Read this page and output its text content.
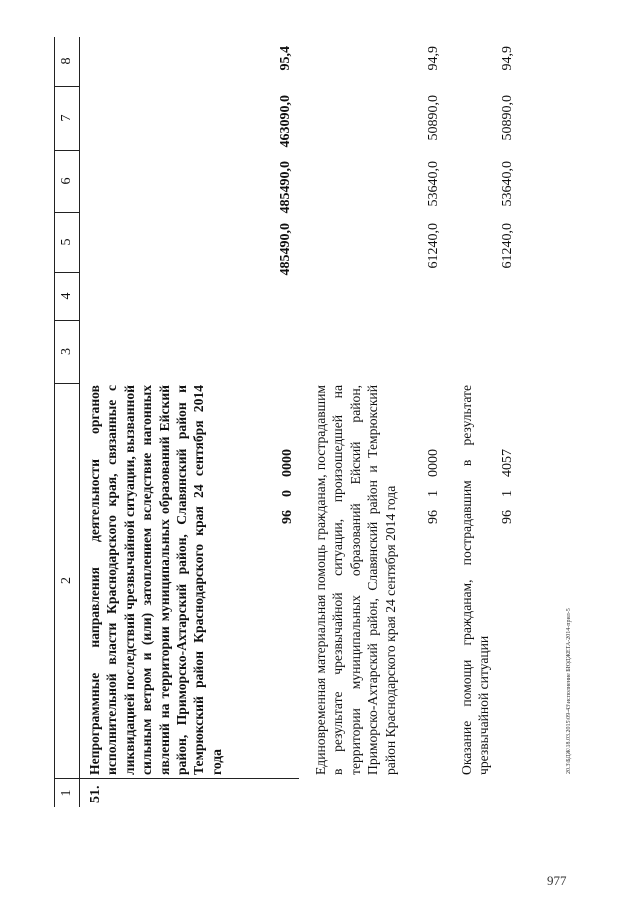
1
2
3
4
5
6
7
8
51.
Непрограммные направления деятельности органов исполнительной власти Краснодарского края, связанные с ликвидацией последствий чрезвычайной ситуации, вызванной сильным ветром и (или) затоплением вследствие нагонных явлений на территории муниципальных образований Ейский район, Приморско-Ахтарский район, Славянский район и Темрюкский район Краснодарского края 24 сентября 2014 года
96
0
0000
485490,0
485490,0
463090,0
95,4
Единовременная материальная помощь гражданам, пострадавшим в результате чрезвычайной ситуации, произошедшей на территории муниципальных образований Ейский район, Приморско-Ахтарский район, Славянский район и Темрюкский район Краснодарского края 24 сентября 2014 года 96
1
0000
61240,0
53640,0
50890,0
94,9
Оказание помощи гражданам, пострадавшим в результате чрезвычайной ситуации
96
1
4057
61240,0
53640,0
50890,0
94,9
20.3\БДЖ\18.03.2015\09-43\исполнение БЮДЖЕТА-2014-прил-5
977
